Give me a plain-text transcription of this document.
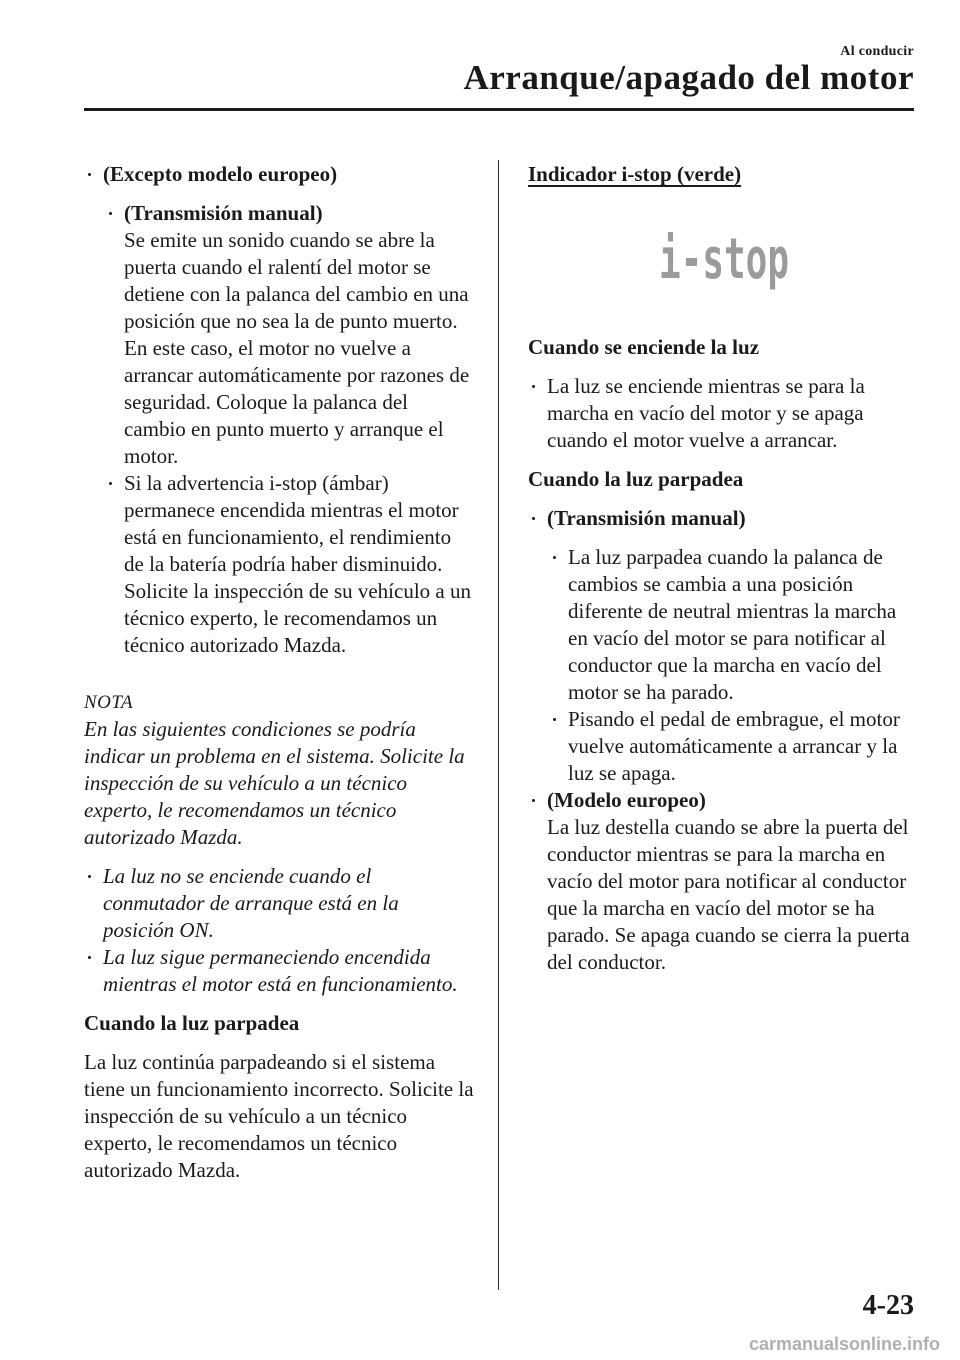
Al conducir
Arranque/apagado del motor
(Excepto modelo europeo)
(Transmisión manual)
Se emite un sonido cuando se abre la puerta cuando el ralentí del motor se detiene con la palanca del cambio en una posición que no sea la de punto muerto. En este caso, el motor no vuelve a arrancar automáticamente por razones de seguridad. Coloque la palanca del cambio en punto muerto y arranque el motor.
Si la advertencia i-stop (ámbar) permanece encendida mientras el motor está en funcionamiento, el rendimiento de la batería podría haber disminuido. Solicite la inspección de su vehículo a un técnico experto, le recomendamos un técnico autorizado Mazda.
NOTA
En las siguientes condiciones se podría indicar un problema en el sistema. Solicite la inspección de su vehículo a un técnico experto, le recomendamos un técnico autorizado Mazda.
La luz no se enciende cuando el conmutador de arranque está en la posición ON.
La luz sigue permaneciendo encendida mientras el motor está en funcionamiento.
Cuando la luz parpadea
La luz continúa parpadeando si el sistema tiene un funcionamiento incorrecto. Solicite la inspección de su vehículo a un técnico experto, le recomendamos un técnico autorizado Mazda.
Indicador i-stop (verde)
i-stop
Cuando se enciende la luz
La luz se enciende mientras se para la marcha en vacío del motor y se apaga cuando el motor vuelve a arrancar.
Cuando la luz parpadea
(Transmisión manual)
La luz parpadea cuando la palanca de cambios se cambia a una posición diferente de neutral mientras la marcha en vacío del motor se para notificar al conductor que la marcha en vacío del motor se ha parado.
Pisando el pedal de embrague, el motor vuelve automáticamente a arrancar y la luz se apaga.
(Modelo europeo)
La luz destella cuando se abre la puerta del conductor mientras se para la marcha en vacío del motor para notificar al conductor que la marcha en vacío del motor se ha parado. Se apaga cuando se cierra la puerta del conductor.
4-23
carmanualsonline.info
